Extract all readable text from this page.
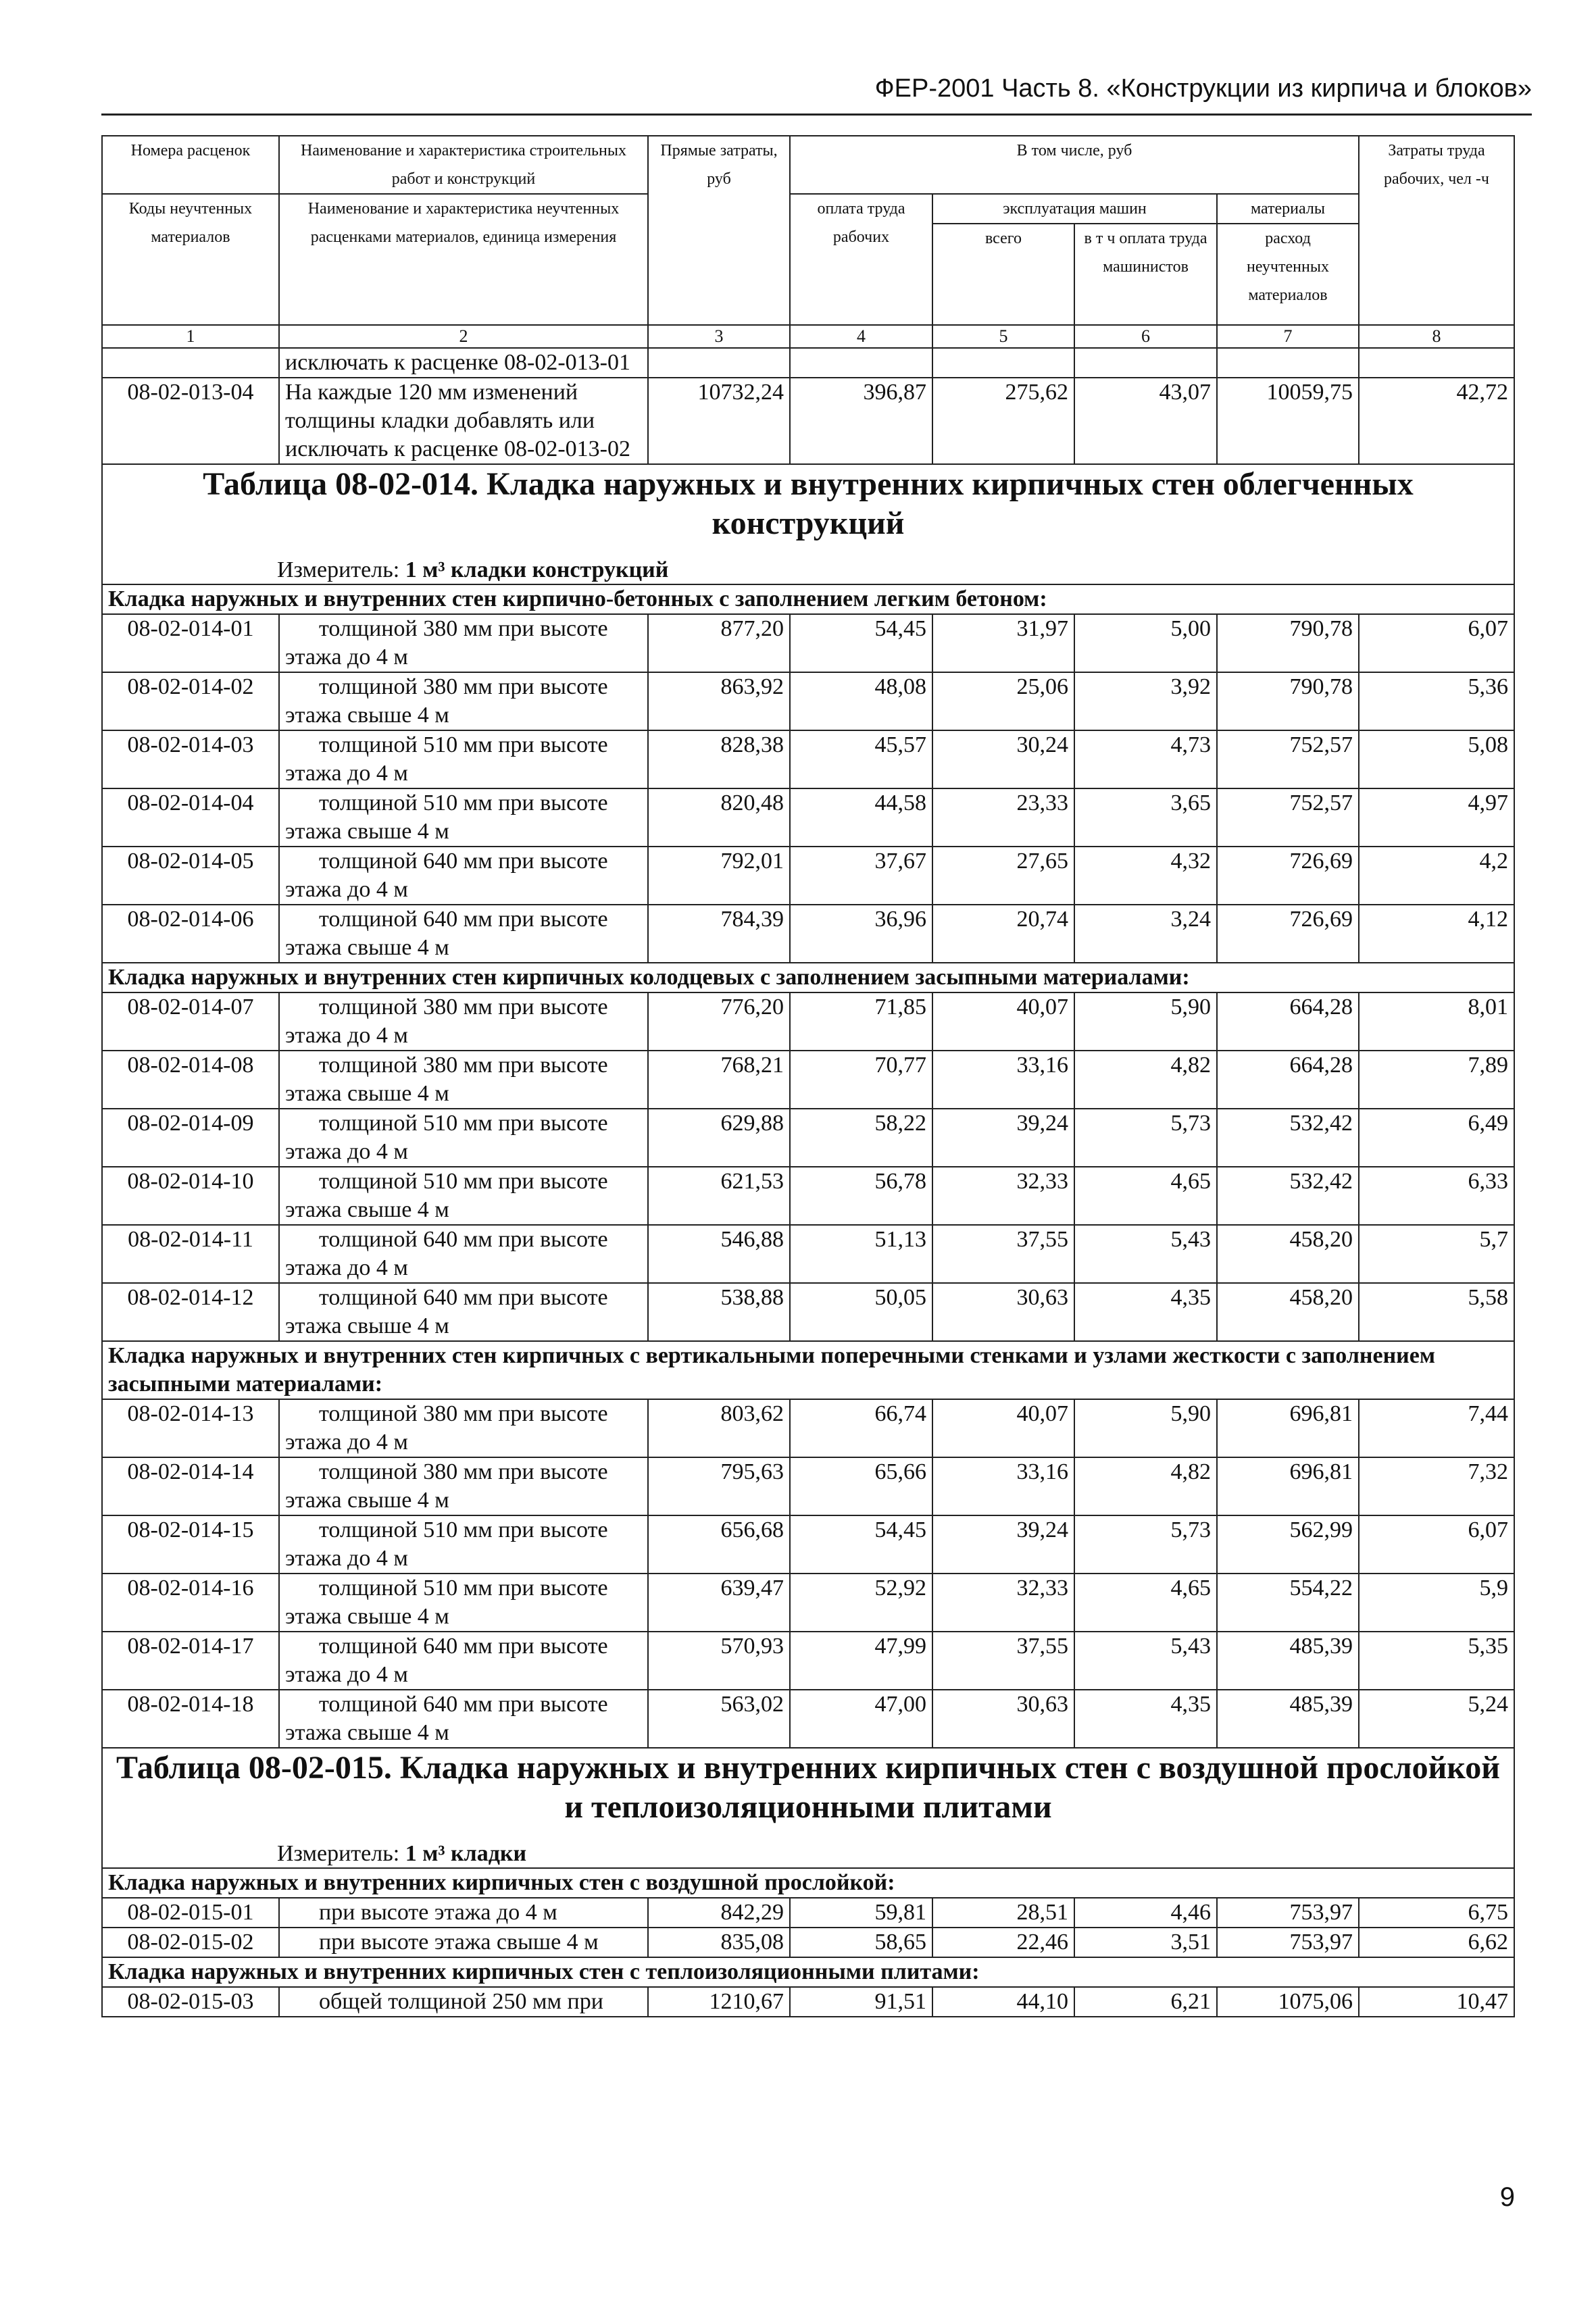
ФЕР-2001 Часть 8. «Конструкции из кирпича и блоков»
Номера расценок	Наименование и характеристика строительных работ и конструкций	Прямые затраты, руб	В том числе, руб				Затраты труда рабочих, чел -ч
Коды неучтенных материалов	Наименование и характеристика неучтенных расценками материалов, единица измерения		оплата труда рабочих	эксплуатация машин		материалы	
				всего	в т ч оплата труда машинистов	расход неучтенных материалов	
1	2	3	4	5	6	7	8
	исключать к расценке 08-02-013-01						
08-02-013-04	На каждые 120 мм изменений толщины кладки добавлять или исключать к расценке 08-02-013-02	10732,24	396,87	275,62	43,07	10059,75	42,72

Таблица 08-02-014. Кладка наружных и внутренних кирпичных стен облегченных конструкций
Измеритель: 1 м³ кладки конструкций							

Кладка наружных и внутренних стен кирпично-бетонных с заполнением легким бетоном:							
08-02-014-01	толщиной 380 мм при высоте
этажа до 4 м	877,20	54,45	31,97	5,00	790,78	6,07
08-02-014-02	толщиной 380 мм при высоте
этажа свыше 4 м	863,92	48,08	25,06	3,92	790,78	5,36
08-02-014-03	толщиной 510 мм при высоте
этажа до 4 м	828,38	45,57	30,24	4,73	752,57	5,08
08-02-014-04	толщиной 510 мм при высоте
этажа свыше 4 м	820,48	44,58	23,33	3,65	752,57	4,97
08-02-014-05	толщиной 640 мм при высоте
этажа до 4 м	792,01	37,67	27,65	4,32	726,69	4,2
08-02-014-06	толщиной 640 мм при высоте
этажа свыше 4 м	784,39	36,96	20,74	3,24	726,69	4,12
Кладка наружных и внутренних стен кирпичных колодцевых с заполнением засыпными материалами:							
08-02-014-07	толщиной 380 мм при высоте
этажа до 4 м	776,20	71,85	40,07	5,90	664,28	8,01
08-02-014-08	толщиной 380 мм при высоте
этажа свыше 4 м	768,21	70,77	33,16	4,82	664,28	7,89
08-02-014-09	толщиной 510 мм при высоте
этажа до 4 м	629,88	58,22	39,24	5,73	532,42	6,49
08-02-014-10	толщиной 510 мм при высоте
этажа свыше 4 м	621,53	56,78	32,33	4,65	532,42	6,33
08-02-014-11	толщиной 640 мм при высоте
этажа до 4 м	546,88	51,13	37,55	5,43	458,20	5,7
08-02-014-12	толщиной 640 мм при высоте
этажа свыше 4 м	538,88	50,05	30,63	4,35	458,20	5,58
Кладка наружных и внутренних стен кирпичных с вертикальными поперечными стенками и узлами жесткости с заполнением засыпными материалами:							
08-02-014-13	толщиной 380 мм при высоте
этажа до 4 м	803,62	66,74	40,07	5,90	696,81	7,44
08-02-014-14	толщиной 380 мм при высоте
этажа свыше 4 м	795,63	65,66	33,16	4,82	696,81	7,32
08-02-014-15	толщиной 510 мм при высоте
этажа до 4 м	656,68	54,45	39,24	5,73	562,99	6,07
08-02-014-16	толщиной 510 мм при высоте
этажа свыше 4 м	639,47	52,92	32,33	4,65	554,22	5,9
08-02-014-17	толщиной 640 мм при высоте
этажа до 4 м	570,93	47,99	37,55	5,43	485,39	5,35
08-02-014-18	толщиной 640 мм при высоте
этажа свыше 4 м	563,02	47,00	30,63	4,35	485,39	5,24

Таблица 08-02-015. Кладка наружных и внутренних кирпичных стен с воздушной прослойкой и теплоизоляционными плитами
Измеритель: 1 м³ кладки							

Кладка наружных и внутренних кирпичных стен с воздушной прослойкой:							
08-02-015-01	при высоте этажа до 4 м	842,29	59,81	28,51	4,46	753,97	6,75
08-02-015-02	при высоте этажа свыше 4 м	835,08	58,65	22,46	3,51	753,97	6,62
Кладка наружных и внутренних кирпичных стен с теплоизоляционными плитами:							
08-02-015-03	общей толщиной 250 мм при	1210,67	91,51	44,10	6,21	1075,06	10,47
9
